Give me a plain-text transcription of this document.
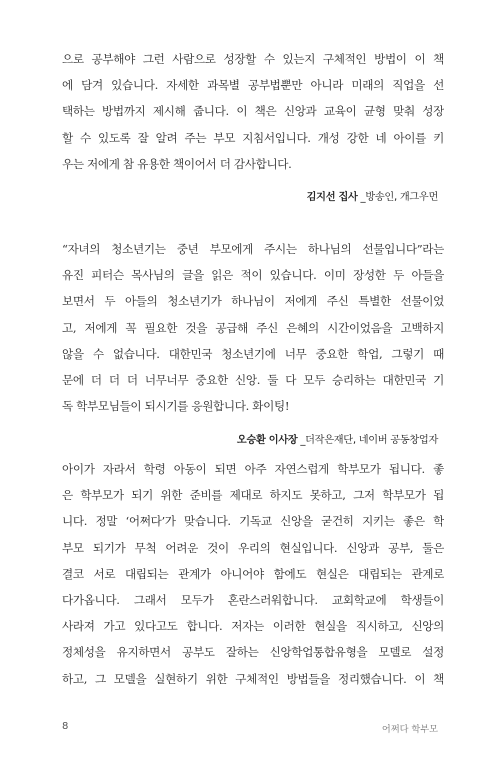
으로 공부해야 그런 사람으로 성장할 수 있는지 구체적인 방법이 이 책
에 담겨 있습니다. 자세한 과목별 공부법뿐만 아니라 미래의 직업을 선
택하는 방법까지 제시해 줍니다. 이 책은 신앙과 교육이 균형 맞춰 성장
할 수 있도록 잘 알려 주는 부모 지침서입니다. 개성 강한 네 아이를 키
우는 저에게 참 유용한 책이어서 더 감사합니다.
김지선 집사 _방송인, 개그우먼
“자녀의 청소년기는 중년 부모에게 주시는 하나님의 선물입니다”라는
유진 피터슨 목사님의 글을 읽은 적이 있습니다. 이미 장성한 두 아들을
보면서 두 아들의 청소년기가 하나님이 저에게 주신 특별한 선물이었
고, 저에게 꼭 필요한 것을 공급해 주신 은혜의 시간이었음을 고백하지
않을 수 없습니다. 대한민국 청소년기에 너무 중요한 학업, 그렇기 때
문에 더 더 더 너무너무 중요한 신앙. 둘 다 모두 승리하는 대한민국 기
독 학부모님들이 되시기를 응원합니다. 화이팅!
오승환 이사장 _더작은재단, 네이버 공동창업자
아이가 자라서 학령 아동이 되면 아주 자연스럽게 학부모가 됩니다. 좋
은 학부모가 되기 위한 준비를 제대로 하지도 못하고, 그저 학부모가 됩
니다. 정말 ‘어쩌다’가 맞습니다. 기독교 신앙을 굳건히 지키는 좋은 학
부모 되기가 무척 어려운 것이 우리의 현실입니다. 신앙과 공부, 둘은
결코 서로 대립되는 관계가 아니어야 함에도 현실은 대립되는 관계로
다가옵니다. 그래서 모두가 혼란스러워합니다. 교회학교에 학생들이
사라져 가고 있다고도 합니다. 저자는 이러한 현실을 직시하고, 신앙의
정체성을 유지하면서 공부도 잘하는 신앙학업통합유형을 모델로 설정
하고, 그 모델을 실현하기 위한 구체적인 방법들을 정리했습니다. 이 책
8	어쩌다 학부모
